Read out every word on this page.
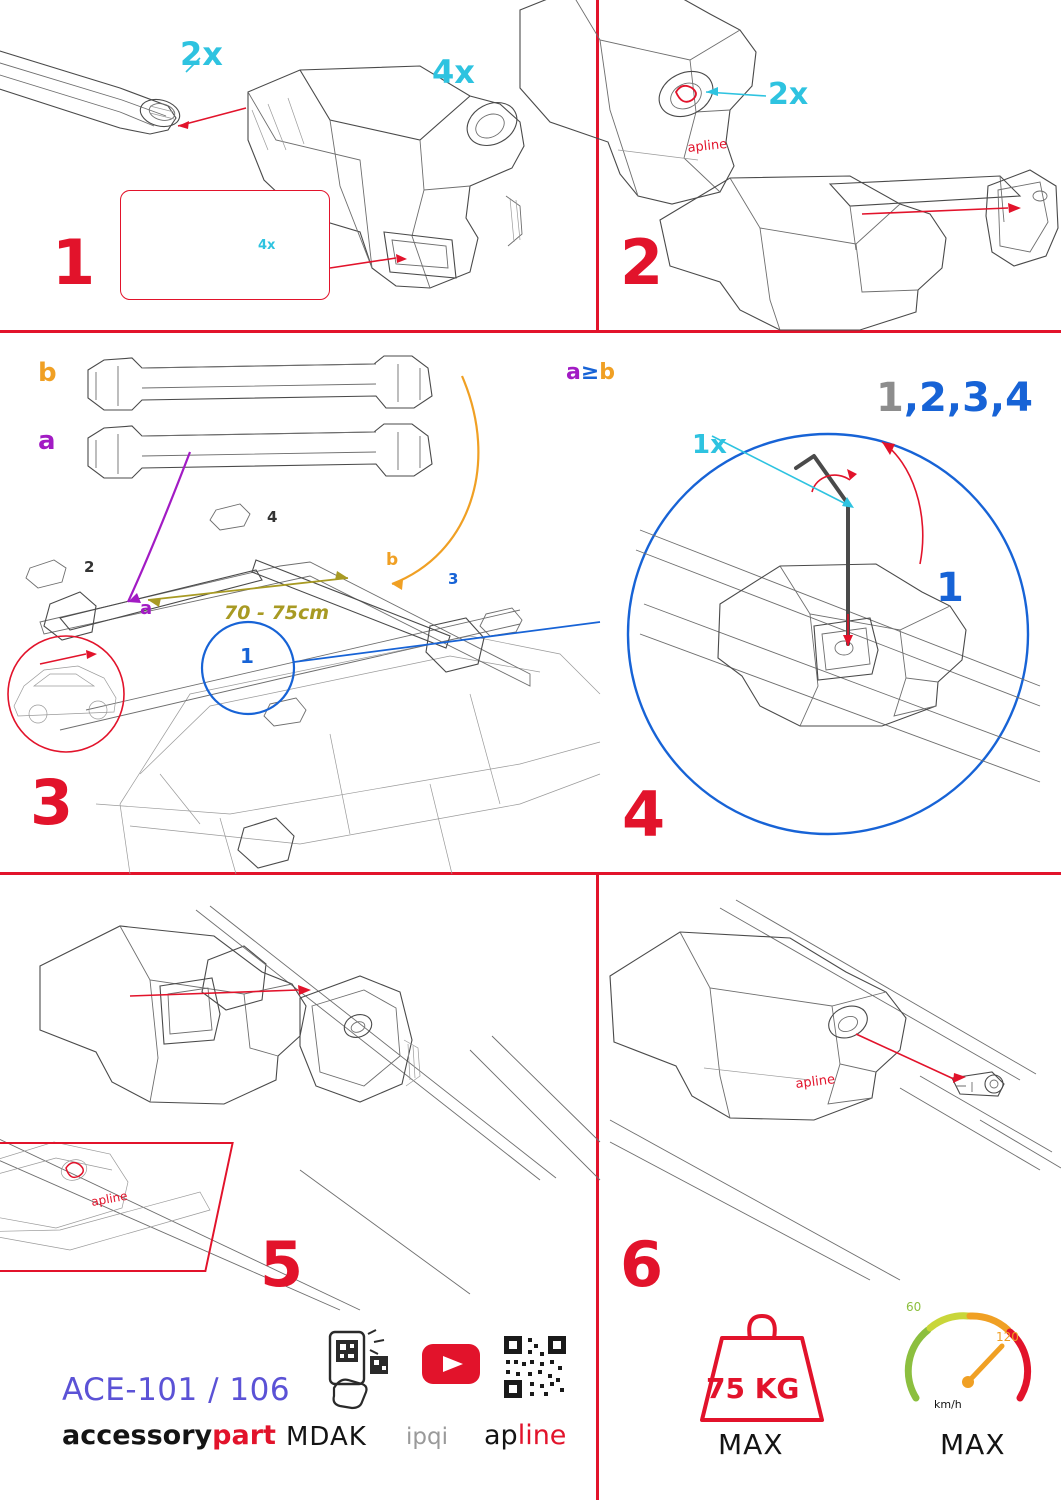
4x
2x	4x
1
apline
2x
2
b
a
a
b
70 - 75cm
2
4
3
1
3
a≥b
1x
1,2,3,4
1
4
apline
5
apline
6
ACE-101 / 106
accessorypart MDAK ipqi apline
75 KG
MAX
60
120
km/h
MAX
